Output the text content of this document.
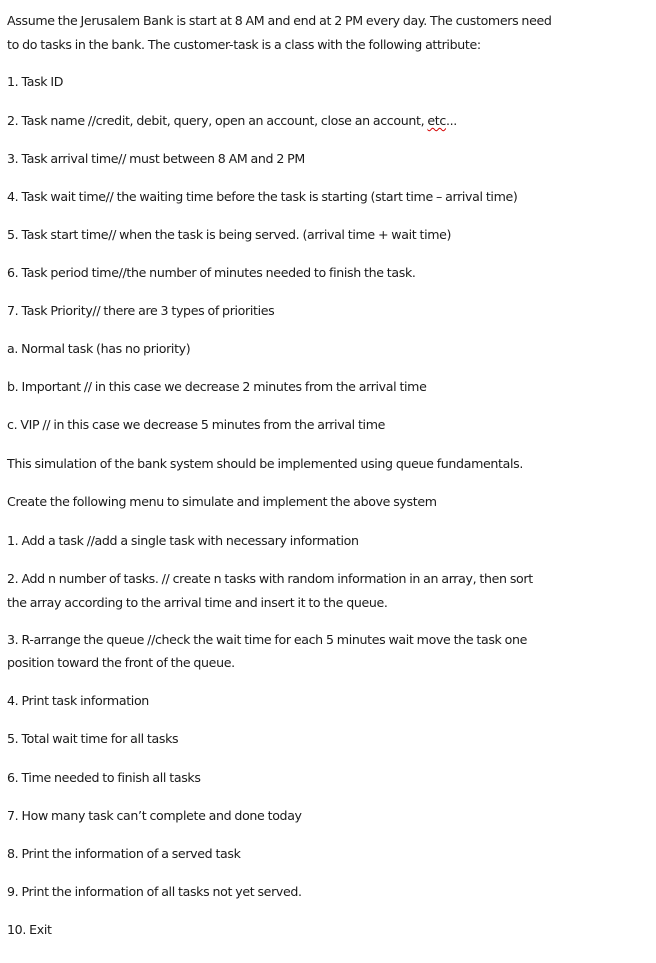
Assume the Jerusalem Bank is start at 8 AM and end at 2 PM every day. The customers need
to do tasks in the bank. The customer-task is a class with the following attribute:
1. Task ID
2. Task name //credit, debit, query, open an account, close an account, etc...
3. Task arrival time// must between 8 AM and 2 PM
4. Task wait time// the waiting time before the task is starting (start time – arrival time)
5. Task start time// when the task is being served. (arrival time + wait time)
6. Task period time//the number of minutes needed to finish the task.
7. Task Priority// there are 3 types of priorities
a. Normal task (has no priority)
b. Important // in this case we decrease 2 minutes from the arrival time
c. VIP // in this case we decrease 5 minutes from the arrival time
This simulation of the bank system should be implemented using queue fundamentals.
Create the following menu to simulate and implement the above system
1. Add a task //add a single task with necessary information
2. Add n number of tasks. // create n tasks with random information in an array, then sort
the array according to the arrival time and insert it to the queue.
3. R-arrange the queue //check the wait time for each 5 minutes wait move the task one
position toward the front of the queue.
4. Print task information
5. Total wait time for all tasks
6. Time needed to finish all tasks
7. How many task can’t complete and done today
8. Print the information of a served task
9. Print the information of all tasks not yet served.
10. Exit
